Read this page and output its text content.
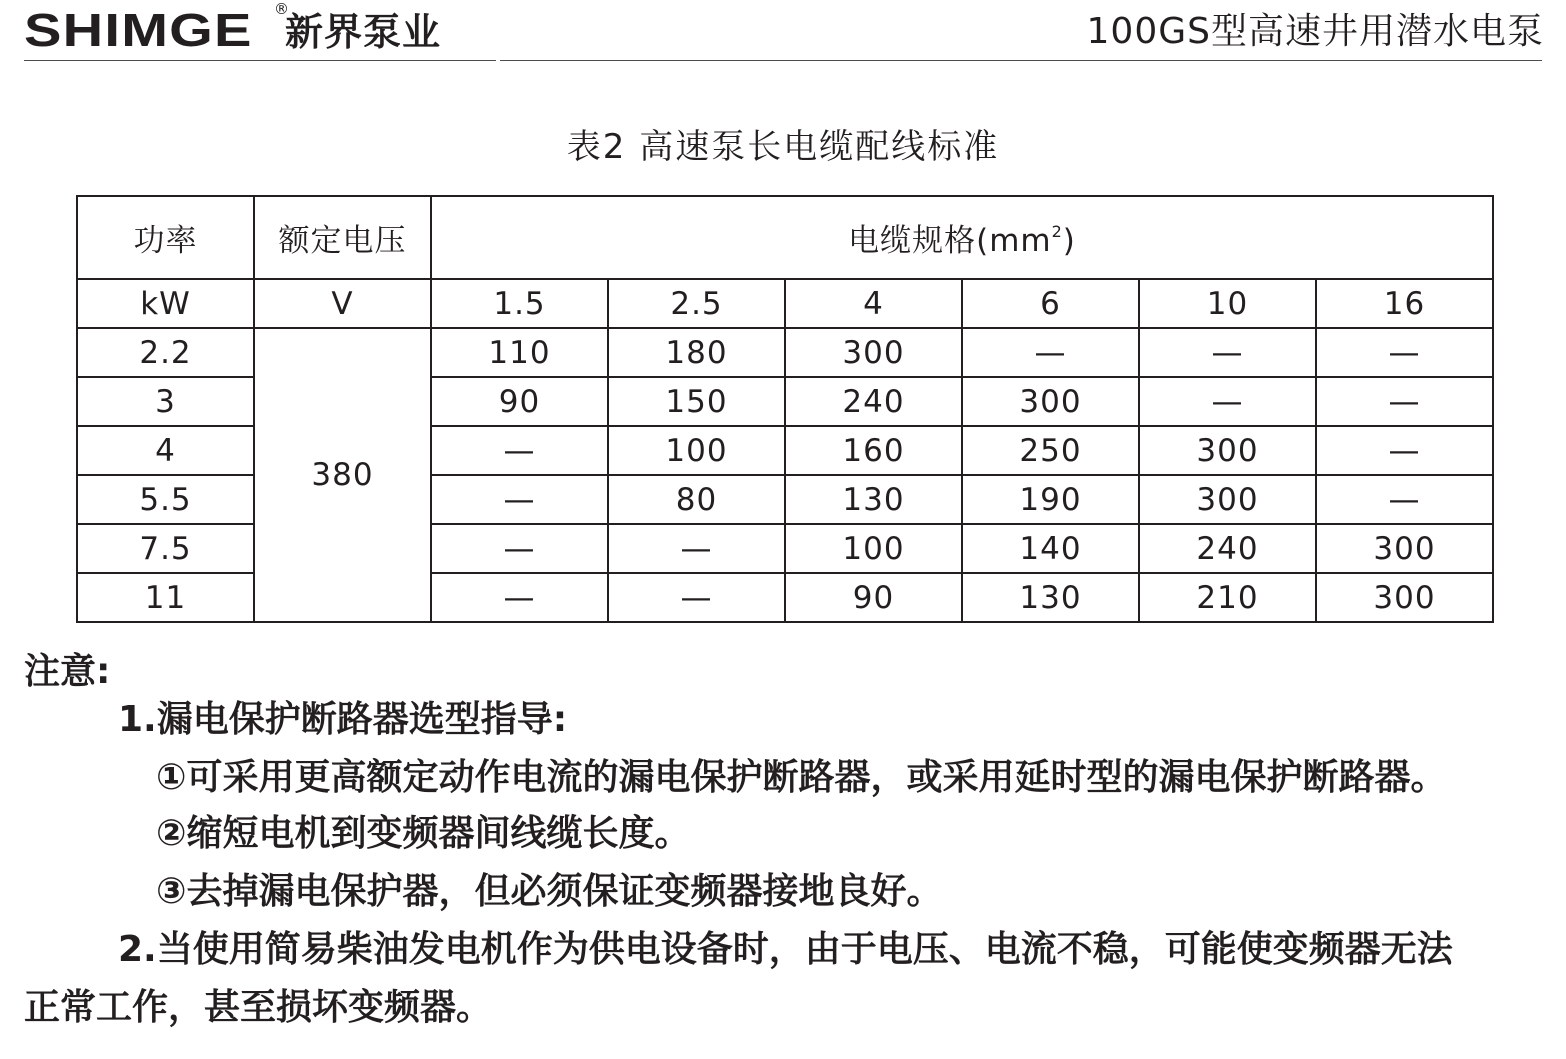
SHIMGE	®
新界泵业	100GS型高速井用潜水电泵
表2 高速泵长电缆配线标准
功率	额定电压	电缆规格$(mm^2)$					
kW	V	1.5	2.5	4	6	10	16
2.2	380	110	180	300	—	—	—
3		90	150	240	300	—	—
4		—	100	160	250	300	—
5.5		—	80	130	190	300	—
7.5		—	—	100	140	240	300
11		—	—	90	130	210	300
注意:
1.漏电保护断路器选型指导:
①可采用更高额定动作电流的漏电保护断路器，或采用延时型的漏电保护断路器。
②缩短电机到变频器间线缆长度。
③去掉漏电保护器，但必须保证变频器接地良好。
2.当使用简易柴油发电机作为供电设备时，由于电压、电流不稳，可能使变频器无法
正常工作，甚至损坏变频器。
